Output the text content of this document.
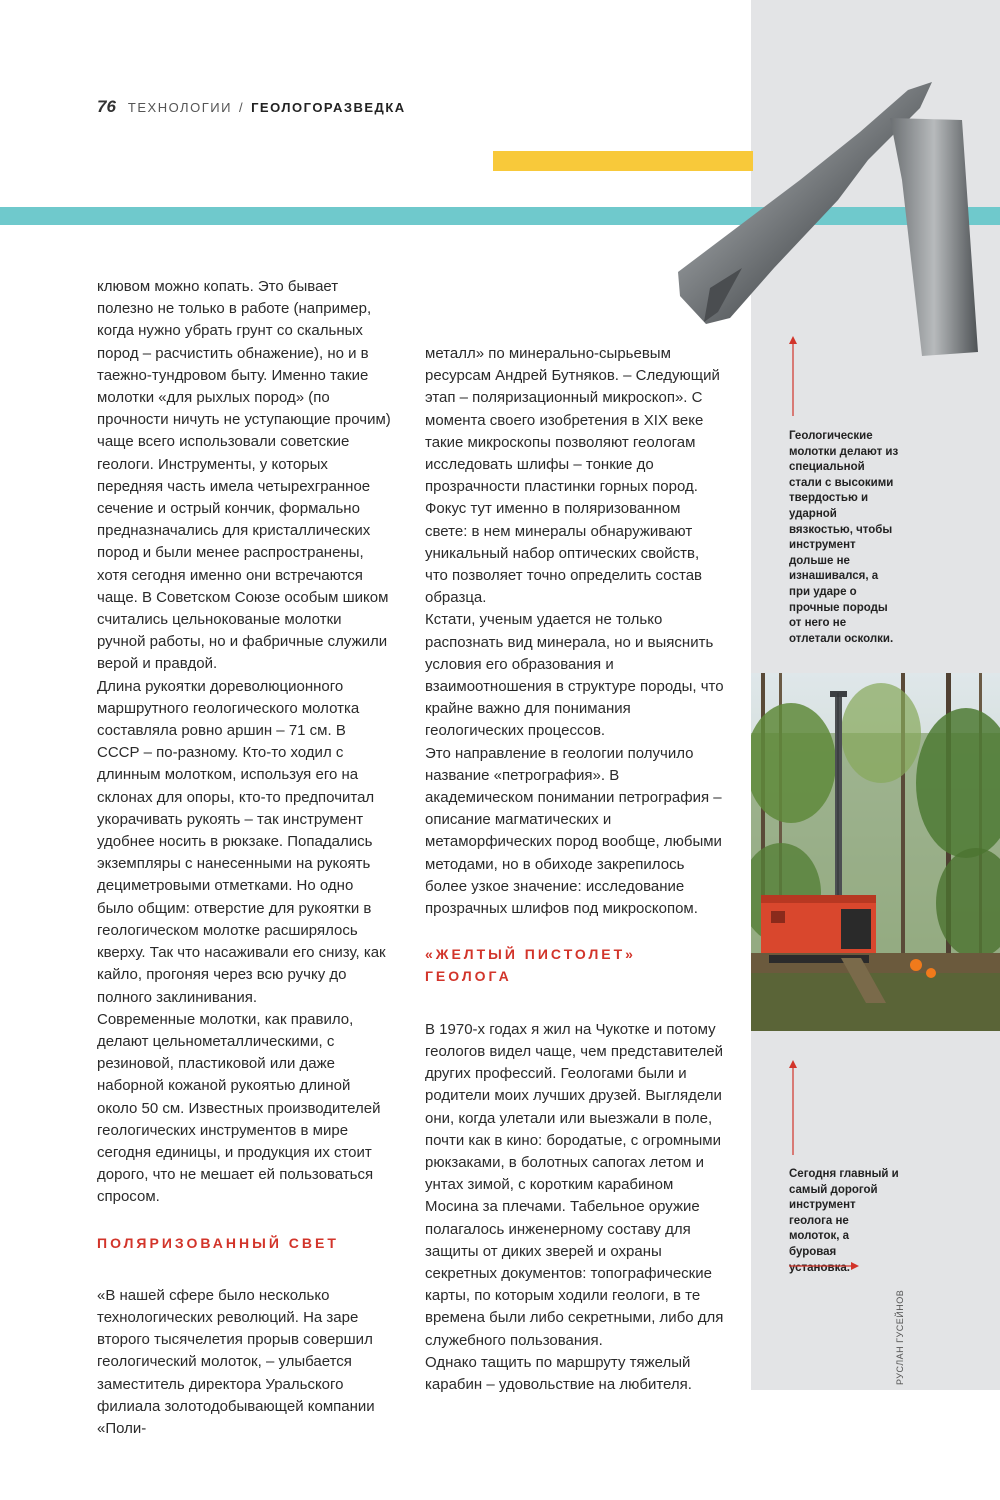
76 ТЕХНОЛОГИИ / ГЕОЛОГОРАЗВЕДКА

клювом можно копать. Это бывает полезно не только в работе (например, когда нужно убрать грунт со скальных пород – расчистить обнажение), но и в таежно-тундровом быту. Именно такие молотки «для рыхлых пород» (по прочности ничуть не уступающие прочим) чаще всего использовали советские геологи. Инструменты, у которых передняя часть имела четырехгранное сечение и острый кончик, формально предназначались для кристаллических пород и были менее распространены, хотя сегодня именно они встречаются чаще. В Советском Союзе особым шиком считались цельнокованые молотки ручной работы, но и фабричные служили верой и правдой.

Длина рукоятки дореволюционного маршрутного геологического молотка составляла ровно аршин – 71 см. В СССР – по-разному. Кто-то ходил с длинным молотком, используя его на склонах для опоры, кто-то предпочитал укорачивать рукоять – так инструмент удобнее носить в рюкзаке. Попадались экземпляры с нанесенными на рукоять дециметровыми отметками. Но одно было общим: отверстие для рукоятки в геологическом молотке расширялось кверху. Так что насаживали его снизу, как кайло, прогоняя через всю ручку до полного заклинивания.

Современные молотки, как правило, делают цельнометаллическими, с резиновой, пластиковой или даже наборной кожаной рукоятью длиной около 50 см. Известных производителей геологических инструментов в мире сегодня единицы, и продукция их стоит дорого, что не мешает ей пользоваться спросом.

ПОЛЯРИЗОВАННЫЙ СВЕТ

«В нашей сфере было несколько технологических революций. На заре второго тысячелетия прорыв совершил геологический молоток, – улыбается заместитель директора Уральского филиала золотодобывающей компании «Поли-

металл» по минерально-сырьевым ресурсам Андрей Бутняков. – Следующий этап – поляризационный микроскоп». С момента своего изобретения в XIX веке такие микроскопы позволяют геологам исследовать шлифы – тонкие до прозрачности пластинки горных пород. Фокус тут именно в поляризованном свете: в нем минералы обнаруживают уникальный набор оптических свойств, что позволяет точно определить состав образца.

Кстати, ученым удается не только распознать вид минерала, но и выяснить условия его образования и взаимоотношения в структуре породы, что крайне важно для понимания геологических процессов.

Это направление в геологии получило название «петрография». В академическом понимании петрография – описание магматических и метаморфических пород вообще, любыми методами, но в обиходе закрепилось более узкое значение: исследование прозрачных шлифов под микроскопом.

«ЖЕЛТЫЙ ПИСТОЛЕТ» ГЕОЛОГА

В 1970-х годах я жил на Чукотке и потому геологов видел чаще, чем представителей других профессий. Геологами были и родители моих лучших друзей. Выглядели они, когда улетали или выезжали в поле, почти как в кино: бородатые, с огромными рюкзаками, в болотных сапогах летом и унтах зимой, с коротким карабином Мосина за плечами. Табельное оружие полагалось инженерному составу для защиты от диких зверей и охраны секретных документов: топографические карты, по которым ходили геологи, в те времена были либо секретными, либо для служебного пользования.

Однако тащить по маршруту тяжелый карабин – удовольствие на любителя.

Геологические молотки делают из специальной стали с высокими твердостью и ударной вязкостью, чтобы инструмент дольше не изнашивался, а при ударе о прочные породы от него не отлетали осколки.
Сегодня главный и самый дорогой инструмент геолога не молоток, а буровая установка.
РУСЛАН ГУСЕЙНОВ
